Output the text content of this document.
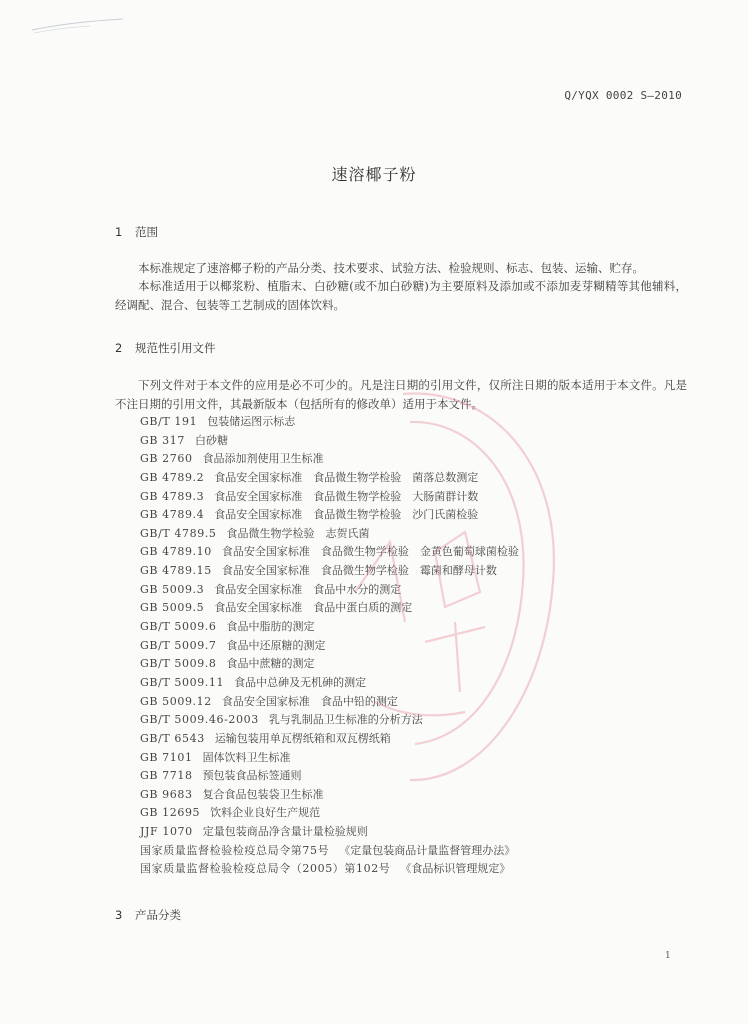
Q/YQX 0002 S—2010
速溶椰子粉
1 范围
本标准规定了速溶椰子粉的产品分类、技术要求、试验方法、检验规则、标志、包装、运输、贮存。
本标准适用于以椰浆粉、植脂末、白砂糖(或不加白砂糖)为主要原料及添加或不添加麦芽糊精等其他辅料，经调配、混合、包装等工艺制成的固体饮料。
2 规范性引用文件
下列文件对于本文件的应用是必不可少的。凡是注日期的引用文件，仅所注日期的版本适用于本文件。凡是不注日期的引用文件，其最新版本（包括所有的修改单）适用于本文件。
GB/T 191 包装储运图示标志
GB 317 白砂糖
GB 2760 食品添加剂使用卫生标准
GB 4789.2 食品安全国家标准　食品微生物学检验　菌落总数测定
GB 4789.3 食品安全国家标准　食品微生物学检验　大肠菌群计数
GB 4789.4 食品安全国家标准　食品微生物学检验　沙门氏菌检验
GB/T 4789.5 食品微生物学检验　志贺氏菌
GB 4789.10 食品安全国家标准　食品微生物学检验　金黄色葡萄球菌检验
GB 4789.15 食品安全国家标准　食品微生物学检验　霉菌和酵母计数
GB 5009.3 食品安全国家标准　食品中水分的测定
GB 5009.5 食品安全国家标准　食品中蛋白质的测定
GB/T 5009.6 食品中脂肪的测定
GB/T 5009.7 食品中还原糖的测定
GB/T 5009.8 食品中蔗糖的测定
GB/T 5009.11 食品中总砷及无机砷的测定
GB 5009.12 食品安全国家标准　食品中铅的测定
GB/T 5009.46-2003 乳与乳制品卫生标准的分析方法
GB/T 6543 运输包装用单瓦楞纸箱和双瓦楞纸箱
GB 7101 固体饮料卫生标准
GB 7718 预包装食品标签通则
GB 9683 复合食品包装袋卫生标准
GB 12695 饮料企业良好生产规范
JJF 1070 定量包装商品净含量计量检验规则
国家质量监督检验检疫总局令第75号 《定量包装商品计量监督管理办法》
国家质量监督检验检疫总局令（2005）第102号 《食品标识管理规定》
3 产品分类
1
